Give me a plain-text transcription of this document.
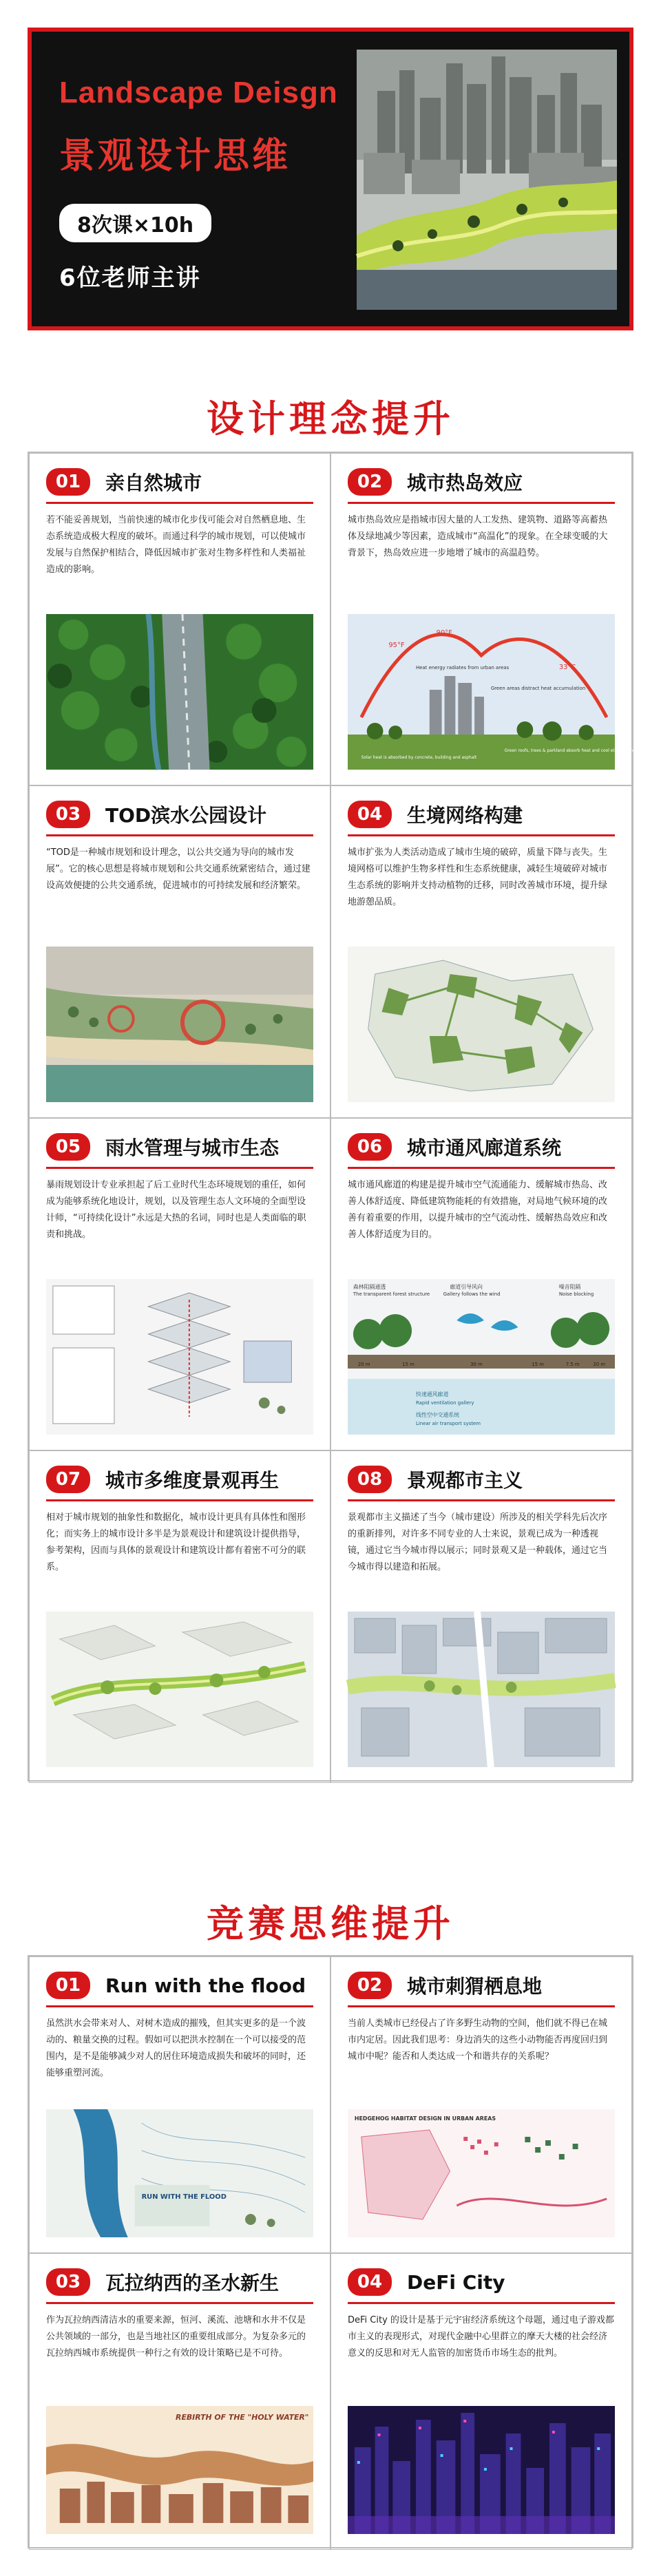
Landscape Deisgn
景观设计思维
8次课×10h
6位老师主讲
设计理念提升
01	亲自然城市
若不能妥善规划，当前快速的城市化步伐可能会对自然栖息地、生态系统造成极大程度的破坏。而通过科学的城市规划，可以使城市发展与自然保护相结合，降低因城市扩张对生物多样性和人类福祉造成的影响。
02	城市热岛效应
城市热岛效应是指城市因大量的人工发热、建筑物、道路等高蓄热体及绿地减少等因素，造成城市“高温化”的现象。在全球变暖的大背景下，热岛效应进一步地增了城市的高温趋势。
95°F
90°F
Heat energy radiates from urban areas
Green areas distract heat accumulation
33°C
Solar heat is absorbed by concrete, building and asphalt
Green roofs, trees & parkland absorb heat and cool ethers atmosphere
03	TOD滨水公园设计
“TOD是一种城市规划和设计理念，以公共交通为导向的城市发展”。它的核心思想是将城市规划和公共交通系统紧密结合，通过建设高效便捷的公共交通系统，促进城市的可持续发展和经济繁荣。
04	生境网络构建
城市扩张为人类活动造成了城市生境的破碎，质量下降与丧失。生境网格可以维护生物多样性和生态系统健康，减轻生境破碎对城市生态系统的影响并支持动植物的迁移，同时改善城市环境，提升绿地游憩品质。
05	雨水管理与城市生态
暴雨规划设计专业承担起了后工业时代生态环境规划的重任，如何成为能够系统化地设计，规划，以及管理生态人文环境的全面型设计师，“可持续化设计”永远是大热的名词，同时也是人类面临的职责和挑战。
06	城市通风廊道系统
城市通风廊道的构建是提升城市空气流通能力、缓解城市热岛、改善人体舒适度、降低建筑物能耗的有效措施，对局地气候环境的改善有着重要的作用，以提升城市的空气流动性、缓解热岛效应和改善人体舒适度为目的。
森林阻隔通透
The transparent forest structure
廊道引导风向
Gallery follows the wind
噪音阻隔
Noise blocking
20 m	15 m	30 m	15 m	7.5 m	20 m
快速通风廊道
Rapid ventilation gallery
线性空中交通系统
Linear air transport system
07	城市多维度景观再生
相对于城市规划的抽象性和数据化，城市设计更具有具体性和图形化；而实务上的城市设计多半是为景观设计和建筑设计提供指导，参考架构，因而与具体的景观设计和建筑设计都有着密不可分的联系。
08	景观都市主义
景观都市主义描述了当今（城市建设）所涉及的相关学科先后次序的重新排列，对许多不同专业的人士来说，景观已成为一种透视镜，通过它当今城市得以展示；同时景观又是一种载体，通过它当今城市得以建造和拓展。
竞赛思维提升
01	Run with the flood
虽然洪水会带来对人、对树木造成的摧残，但其实更多的是一个波动的、粮量交换的过程。假如可以把洪水控制在一个可以接受的范围内，是不是能够减少对人的居住环境造成损失和破坏的同时，还能够重塑河流。
RUN WITH THE FLOOD
02	城市刺猬栖息地
当前人类城市已经侵占了许多野生动物的空间，他们就不得已在城市内定居。因此我们思考：身边消失的这些小动物能否再度回归到城市中呢？能否和人类达成一个和谐共存的关系呢？
HEDGEHOG HABITAT DESIGN IN URBAN AREAS
03	瓦拉纳西的圣水新生
作为瓦拉纳西清洁水的重要来源，恒河、溪流、池塘和水井不仅是公共领域的一部分，也是当地社区的重要组成部分。为复杂多元的瓦拉纳西城市系统提供一种行之有效的设计策略已是不可待。
REBIRTH OF THE "HOLY WATER"
04	DeFi City
DeFi City 的设计是基于元宇宙经济系统这个母题，通过电子游戏都市主义的表现形式，对现代金融中心里群立的摩天大楼的社会经济意义的反思和对无人监管的加密货币市场生态的批判。
